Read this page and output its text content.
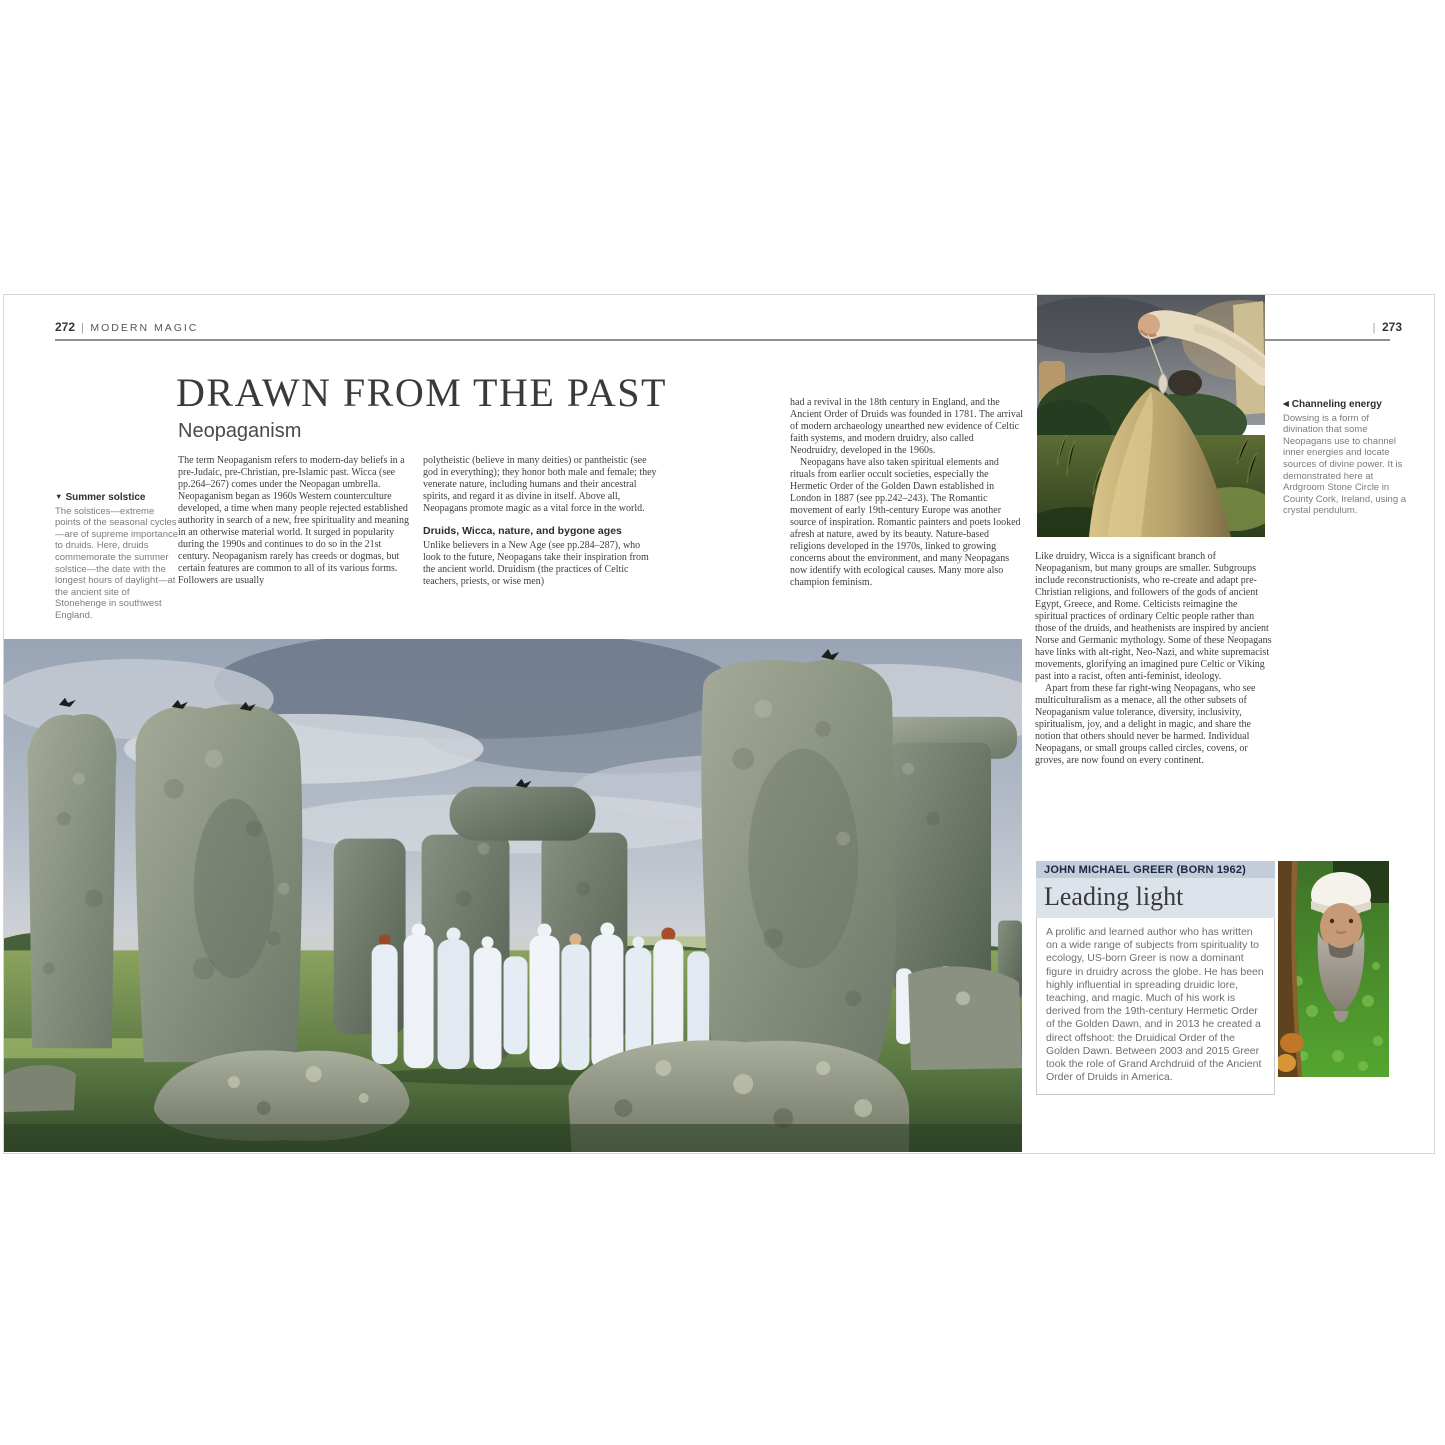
272 | MODERN MAGIC	| 273
DRAWN FROM THE PAST
Neopaganism
▼ Summer solstice
The solstices—extreme points of the seasonal cycles—are of supreme importance to druids. Here, druids commemorate the summer solstice—the date with the longest hours of daylight—at the ancient site of Stonehenge in southwest England.

The term Neopaganism refers to modern-day beliefs in a pre-Judaic, pre-Christian, pre-Islamic past. Wicca (see pp.264–267) comes under the Neopagan umbrella. Neopaganism began as 1960s Western counterculture developed, a time when many people rejected established authority in search of a new, free spirituality and meaning in an otherwise material world. It surged in popularity during the 1990s and continues to do so in the 21st century. Neopaganism rarely has creeds or dogmas, but certain features are common to all of its various forms. Followers are usually

polytheistic (believe in many deities) or pantheistic (see god in everything); they honor both male and female; they venerate nature, including humans and their ancestral spirits, and regard it as divine in itself. Above all, Neopagans promote magic as a vital force in the world.

Druids, Wicca, nature, and bygone ages

Unlike believers in a New Age (see pp.284–287), who look to the future, Neopagans take their inspiration from the ancient world. Druidism (the practices of Celtic teachers, priests, or wise men)

had a revival in the 18th century in England, and the Ancient Order of Druids was founded in 1781. The arrival of modern archaeology unearthed new evidence of Celtic faith systems, and modern druidry, also called Neodruidry, developed in the 1960s.

Neopagans have also taken spiritual elements and rituals from earlier occult societies, especially the Hermetic Order of the Golden Dawn established in London in 1887 (see pp.242–243). The Romantic movement of early 19th-century Europe was another source of inspiration. Romantic painters and poets looked afresh at nature, awed by its beauty. Nature-based religions developed in the 1970s, linked to growing concerns about the environment, and many Neopagans now identify with ecological causes. Many more also champion feminism.

Like druidry, Wicca is a significant branch of Neopaganism, but many groups are smaller. Subgroups include reconstructionists, who re-create and adapt pre-Christian religions, and followers of the gods of ancient Egypt, Greece, and Rome. Celticists reimagine the spiritual practices of ordinary Celtic people rather than those of the druids, and heathenists are inspired by ancient Norse and Germanic mythology. Some of these Neopagans have links with alt-right, Neo-Nazi, and white supremacist movements, glorifying an imagined pure Celtic or Viking past into a racist, often anti-feminist, ideology.

Apart from these far right-wing Neopagans, who see multiculturalism as a menace, all the other subsets of Neopaganism value tolerance, diversity, inclusivity, spiritualism, joy, and a delight in magic, and share the notion that others should never be harmed. Individual Neopagans, or small groups called circles, covens, or groves, are now found on every continent.

◀ Channeling energy
Dowsing is a form of divination that some Neopagans use to channel inner energies and locate sources of divine power. It is demonstrated here at Ardgroom Stone Circle in County Cork, Ireland, using a crystal pendulum.
JOHN MICHAEL GREER (BORN 1962)
Leading light
A prolific and learned author who has written on a wide range of subjects from spirituality to ecology, US-born Greer is now a dominant figure in druidry across the globe. He has been highly influential in spreading druidic lore, teaching, and magic. Much of his work is derived from the 19th-century Hermetic Order of the Golden Dawn, and in 2013 he created a direct offshoot: the Druidical Order of the Golden Dawn. Between 2003 and 2015 Greer took the role of Grand Archdruid of the Ancient Order of Druids in America.
